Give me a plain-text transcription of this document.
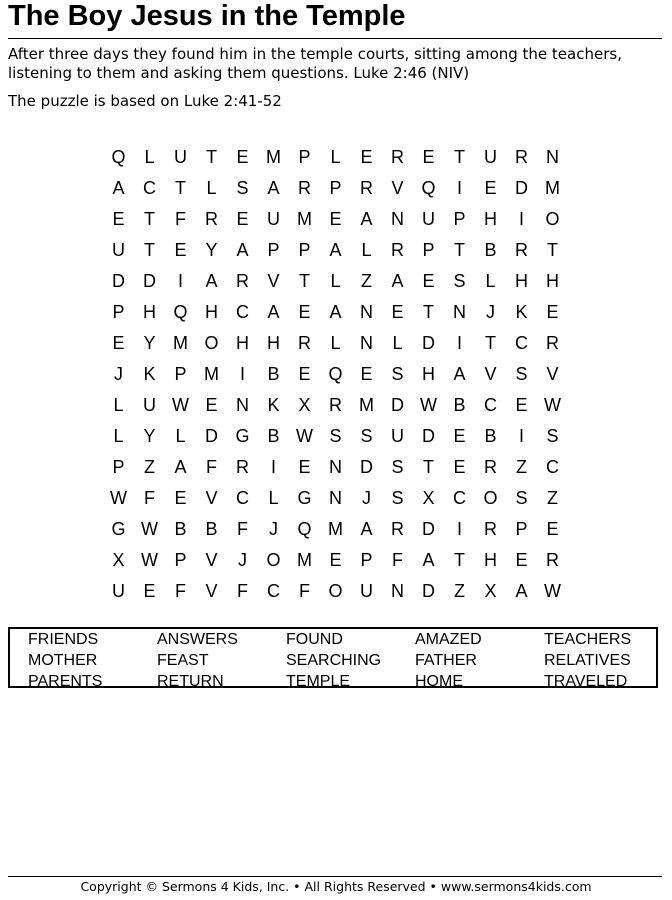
The Boy Jesus in the Temple
After three days they found him in the temple courts, sitting among the teachers, listening to them and asking them questions. Luke 2:46 (NIV)
The puzzle is based on Luke 2:41-52
Q	L	U	T	E M P	L	E	R	E	T	U	R	N
A	C	T	L	S	A	R	P	R	V Q	I	E	D M
E	T	F	R	E	U M E	A	N	U	P	H	I	O
U	T	E	Y	A	P	P	A	L	R	P	T	B	R	T
D	D	I	A	R	V	T	L	Z	A	E	S	L	H	H
P	H Q H	C	A	E	A	N	E	T	N	J	K	E
E	Y M O H	H	R	L	N	L	D	I	T	C	R
J	K	P M	I	B	E Q E	S	H	A	V	S	V
L	U W E	N	K	X	R M D W B	C	E W
L	Y	L	D G B W S	S	U	D	E	B	I	S
P	Z	A	F	R	I	E	N	D	S	T	E	R	Z	C
W F	E	V	C	L	G N	J	S	X	C O S	Z
G W B	B	F	J	Q M A	R	D	I	R	P	E
X W P	V	J	O M E	P	F	A	T	H	E	R
U	E	F	V	F	C	F	O U	N	D	Z	X	A W
FRIENDS	ANSWERS	FOUND	AMAZED	TEACHERS
MOTHER	FEAST	SEARCHING	FATHER	RELATIVES
PARENTS	RETURN	TEMPLE	HOME	TRAVELED
Copyright © Sermons 4 Kids, Inc. • All Rights Reserved • www.sermons4kids.com
